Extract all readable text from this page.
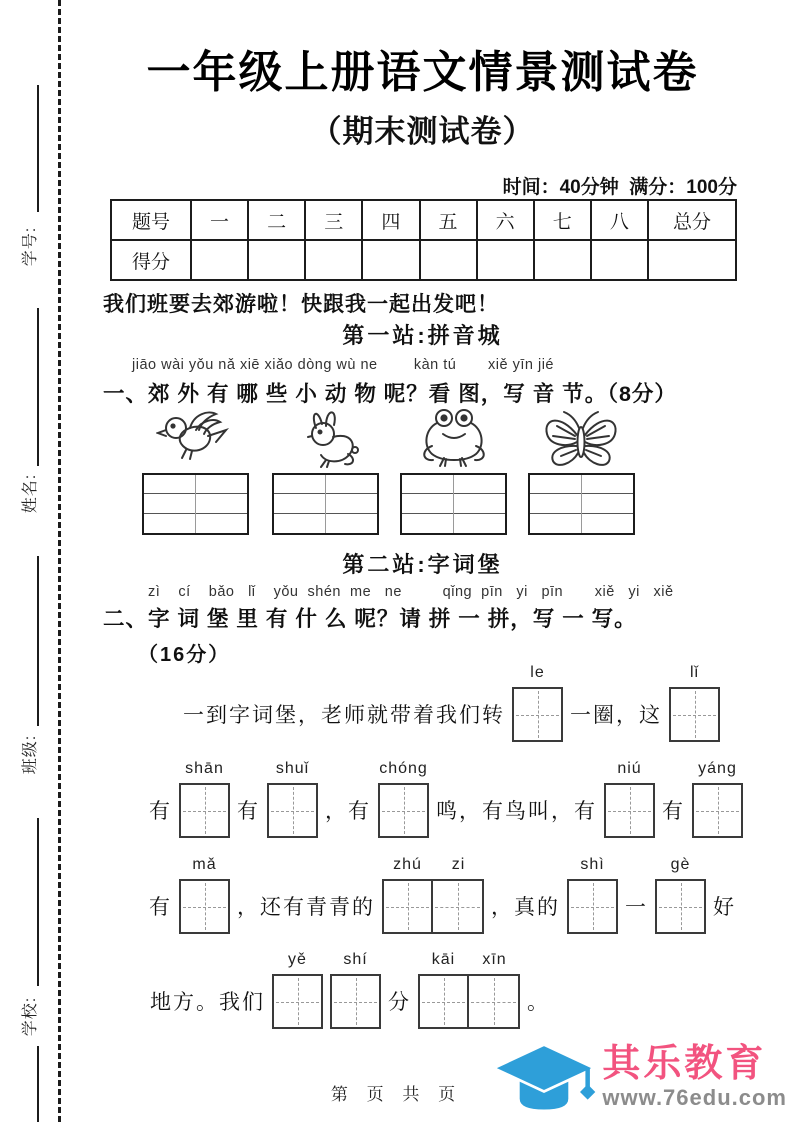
学号:
姓名:
班级:
学校:
一年级上册语文情景测试卷
（期末测试卷）
时间：40分钟  满分：100分
题号	一	二	三	四	五	六	七	八	总分
得分									
我们班要去郊游啦！快跟我一起出发吧！
第一站:拼音城
jiāo wài yǒu nǎ xiē xiǎo dòng wù ne        kàn tú       xiě yīn jié
一、郊 外 有 哪 些 小 动 物 呢？看 图，写 音 节。（8分）
第二站:字词堡
zì    cí    bǎo   lǐ    yǒu  shén  me   ne         qǐng  pīn   yi   pīn       xiě   yi   xiě
二、字 词 堡 里 有 什 么 呢？请 拼 一 拼，写 一 写。
（16分）
一到字词堡，老师就带着我们转
le
一圈，这
lǐ
有
shān
有
shuǐ
，有
chóng
鸣，有鸟叫，有
niú
有
yáng
有
mǎ
，还有青青的
zhú zi
，真的
shì
一
gè
好
地方。我们
yě shí
分
kāi xīn
。
第 页 共 页
其乐教育
www.76edu.com
